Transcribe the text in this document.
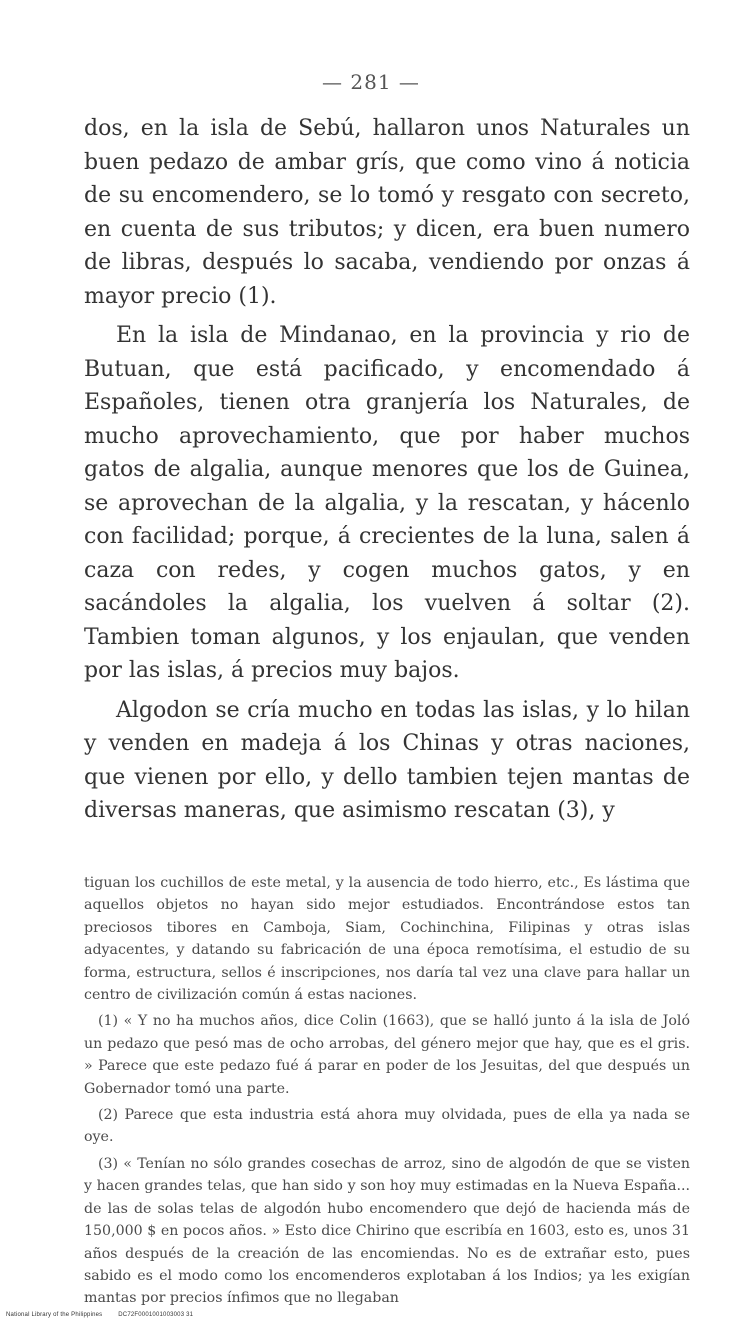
— 281 —

dos, en la isla de Sebú, hallaron unos Naturales un buen pedazo de ambar grís, que como vino á noticia de su encomendero, se lo tomó y resgato con secreto, en cuenta de sus tributos; y dicen, era buen numero de libras, después lo sacaba, vendiendo por onzas á mayor precio (1).

En la isla de Mindanao, en la provincia y rio de Butuan, que está pacificado, y encomendado á Españoles, tienen otra granjería los Naturales, de mucho aprovechamiento, que por haber muchos gatos de algalia, aunque menores que los de Guinea, se aprovechan de la algalia, y la rescatan, y hácenlo con facilidad; porque, á crecientes de la luna, salen á caza con redes, y cogen muchos gatos, y en sacándoles la algalia, los vuelven á soltar (2). Tambien toman algunos, y los enjaulan, que venden por las islas, á precios muy bajos.

Algodon se cría mucho en todas las islas, y lo hilan y venden en madeja á los Chinas y otras naciones, que vienen por ello, y dello tambien tejen mantas de diversas maneras, que asimismo rescatan (3), y

tiguan los cuchillos de este metal, y la ausencia de todo hierro, etc., Es lástima que aquellos objetos no hayan sido mejor estudiados. Encontrándose estos tan preciosos tibores en Camboja, Siam, Cochinchina, Filipinas y otras islas adyacentes, y datando su fabricación de una época remotísima, el estudio de su forma, estructura, sellos é inscripciones, nos daría tal vez una clave para hallar un centro de civilización común á estas naciones.

(1) « Y no ha muchos años, dice Colin (1663), que se halló junto á la isla de Joló un pedazo que pesó mas de ocho arrobas, del género mejor que hay, que es el gris. » Parece que este pedazo fué á parar en poder de los Jesuitas, del que después un Gobernador tomó una parte.

(2) Parece que esta industria está ahora muy olvidada, pues de ella ya nada se oye.

(3) « Tenían no sólo grandes cosechas de arroz, sino de algodón de que se visten y hacen grandes telas, que han sido y son hoy muy estimadas en la Nueva España... de las de solas telas de algodón hubo encomendero que dejó de hacienda más de 150,000 $ en pocos años. » Esto dice Chirino que escribía en 1603, esto es, unos 31 años después de la creación de las encomiendas. No es de extrañar esto, pues sabido es el modo como los encomenderos explotaban á los Indios; ya les exigían mantas por precios ínfimos que no llegaban

National Library of the Philippines	DC72F0001001003003 31
